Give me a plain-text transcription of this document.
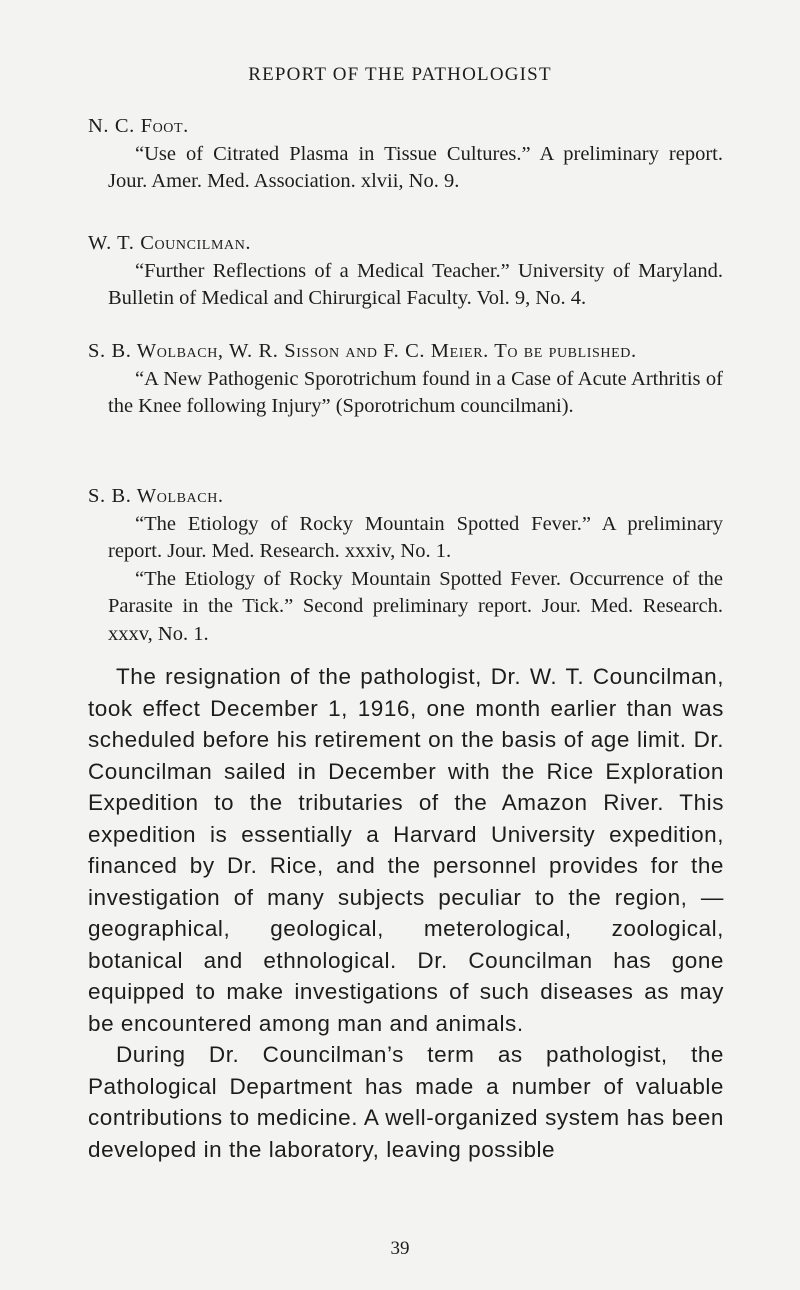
REPORT OF THE PATHOLOGIST

N. C. Foot.

“Use of Citrated Plasma in Tissue Cultures.” A preliminary report. Jour. Amer. Med. Association. xlvii, No. 9.

W. T. Councilman.

“Further Reflections of a Medical Teacher.” University of Maryland. Bulletin of Medical and Chirurgical Faculty. Vol. 9, No. 4.

S. B. Wolbach, W. R. Sisson and F. C. Meier. To be published.

“A New Pathogenic Sporotrichum found in a Case of Acute Arthritis of the Knee following Injury” (Sporotrichum councilmani).

S. B. Wolbach.

“The Etiology of Rocky Mountain Spotted Fever.” A preliminary report. Jour. Med. Research. xxxiv, No. 1.

“The Etiology of Rocky Mountain Spotted Fever. Occurrence of the Parasite in the Tick.” Second preliminary report. Jour. Med. Research. xxxv, No. 1.

The resignation of the pathologist, Dr. W. T. Councilman, took effect December 1, 1916, one month earlier than was scheduled before his retirement on the basis of age limit. Dr. Councilman sailed in December with the Rice Exploration Expedition to the tributaries of the Amazon River. This expedition is essentially a Harvard University expedition, financed by Dr. Rice, and the personnel provides for the investigation of many subjects peculiar to the region, — geographical, geological, meterological, zoological, botanical and ethnological. Dr. Councilman has gone equipped to make investigations of such diseases as may be encountered among man and animals.

During Dr. Councilman’s term as pathologist, the Pathological Department has made a number of valuable contributions to medicine. A well-organized system has been developed in the laboratory, leaving possible

39
